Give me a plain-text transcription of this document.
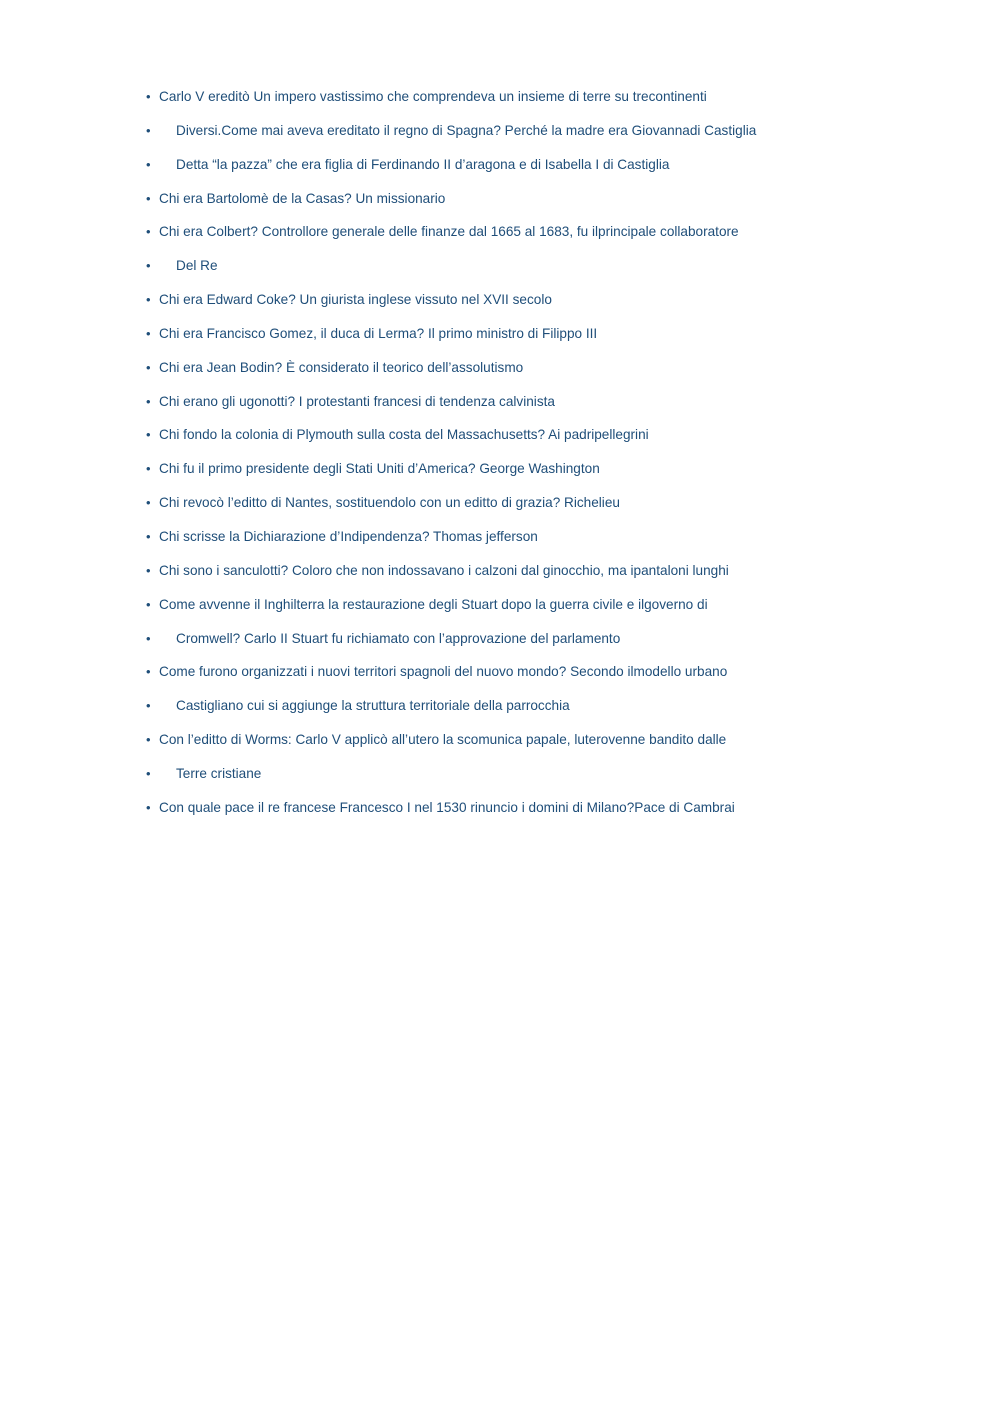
• Carlo V ereditò Un impero vastissimo che comprendeva un insieme di terre su trecontinenti
•	Diversi.Come mai aveva ereditato il regno di Spagna? Perché la madre era Giovannadi Castiglia
•	Detta “la pazza” che era figlia di Ferdinando II d’aragona e di Isabella I di Castiglia
• Chi era Bartolomè de la Casas? Un missionario
• Chi era Colbert? Controllore generale delle finanze dal 1665 al 1683, fu ilprincipale collaboratore
•	Del Re
• Chi era Edward Coke? Un giurista inglese vissuto nel XVII secolo
• Chi era Francisco Gomez, il duca di Lerma? Il primo ministro di Filippo III
• Chi era Jean Bodin? È considerato il teorico dell’assolutismo
• Chi erano gli ugonotti? I protestanti francesi di tendenza calvinista
• Chi fondo la colonia di Plymouth sulla costa del Massachusetts? Ai padripellegrini
• Chi fu il primo presidente degli Stati Uniti d’America? George Washington
• Chi revocò l’editto di Nantes, sostituendolo con un editto di grazia? Richelieu
• Chi scrisse la Dichiarazione d’Indipendenza? Thomas jefferson
• Chi sono i sanculotti? Coloro che non indossavano i calzoni dal ginocchio, ma ipantaloni lunghi
• Come avvenne il Inghilterra la restaurazione degli Stuart dopo la guerra civile e ilgoverno di
•	Cromwell? Carlo II Stuart fu richiamato con l’approvazione del parlamento
• Come furono organizzati i nuovi territori spagnoli del nuovo mondo? Secondo ilmodello urbano
•	Castigliano cui si aggiunge la struttura territoriale della parrocchia
• Con l’editto di Worms: Carlo V applicò all’utero la scomunica papale, luterovenne bandito dalle
•	Terre cristiane
• Con quale pace il re francese Francesco I nel 1530 rinuncio i domini di Milano?Pace di Cambrai
